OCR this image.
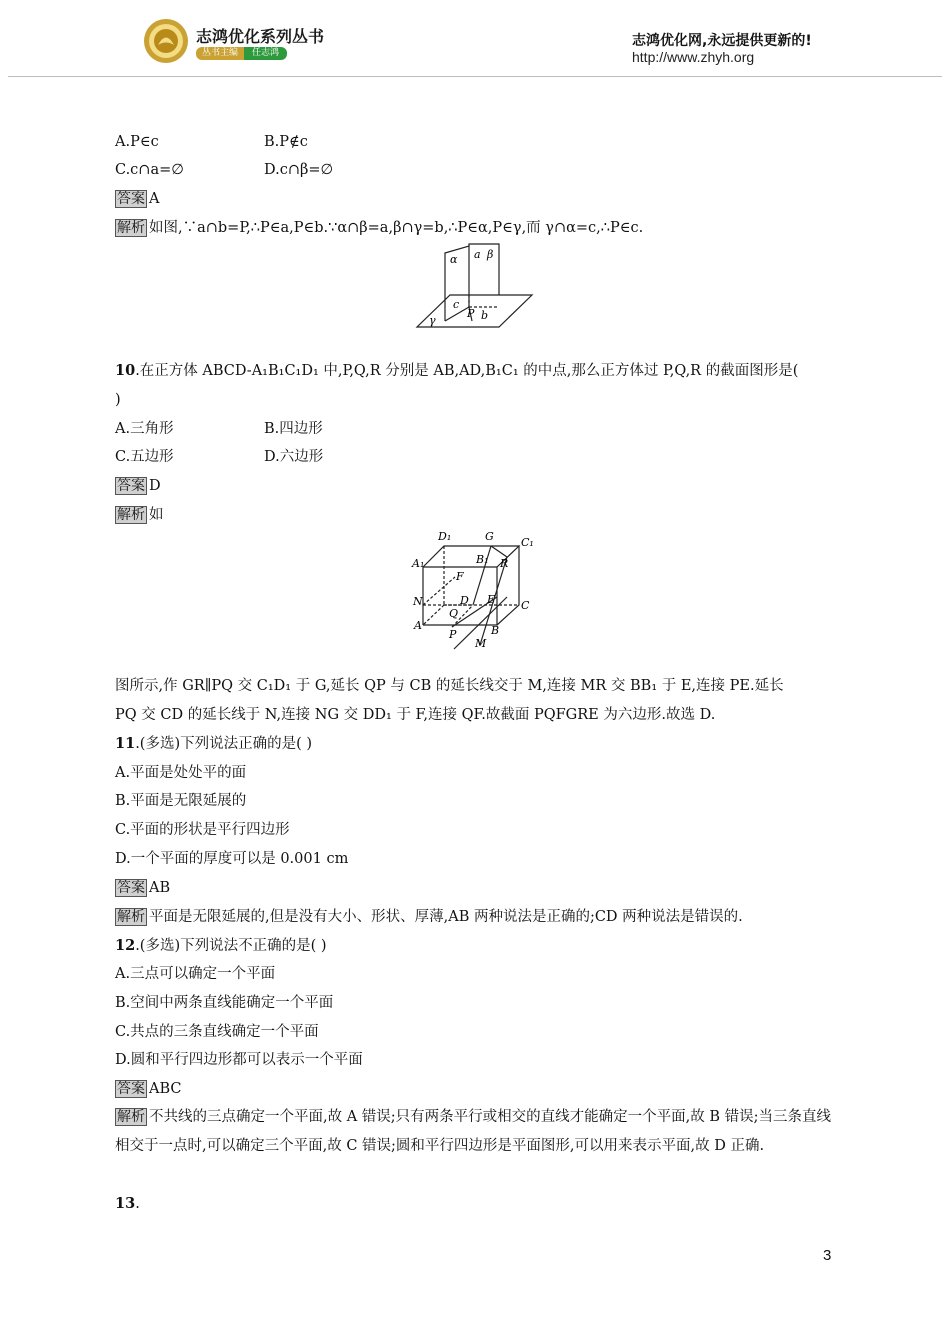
志鸿优化系列丛书
丛书主编	任志鸿
志鸿优化网,永远提供更新的!
http://www.zhyh.org
A.P∈c	B.P∉c
C.c∩a=∅	D.c∩β=∅
答案 A
解析 如图,∵a∩b=P,∴P∈a,P∈b.∵α∩β=a,β∩γ=b,∴P∈α,P∈γ,而 γ∩α=c,∴P∈c.
α a β
c
γ
P b
10.在正方体 ABCD-A₁B₁C₁D₁ 中,P,Q,R 分别是 AB,AD,B₁C₁ 的中点,那么正方体过 P,Q,R 的截面图形是(
)
A.三角形	B.四边形
C.五边形	D.六边形
答案 D
解析 如
D₁	G C₁
A₁	B₁ R
F
N	D E C
Q
A
P	B
M
图所示,作 GR∥PQ 交 C₁D₁ 于 G,延长 QP 与 CB 的延长线交于 M,连接 MR 交 BB₁ 于 E,连接 PE.延长
PQ 交 CD 的延长线于 N,连接 NG 交 DD₁ 于 F,连接 QF.故截面 PQFGRE 为六边形.故选 D.
11.(多选)下列说法正确的是( )
A.平面是处处平的面
B.平面是无限延展的
C.平面的形状是平行四边形
D.一个平面的厚度可以是 0.001 cm
答案 AB
解析 平面是无限延展的,但是没有大小、形状、厚薄,AB 两种说法是正确的;CD 两种说法是错误的.
12.(多选)下列说法不正确的是( )
A.三点可以确定一个平面
B.空间中两条直线能确定一个平面
C.共点的三条直线确定一个平面
D.圆和平行四边形都可以表示一个平面
答案 ABC
解析 不共线的三点确定一个平面,故 A 错误;只有两条平行或相交的直线才能确定一个平面,故 B 错误;当三条直线相交于一点时,可以确定三个平面,故 C 错误;圆和平行四边形是平面图形,可以用来表示平面,故 D 正确.
13.
3
